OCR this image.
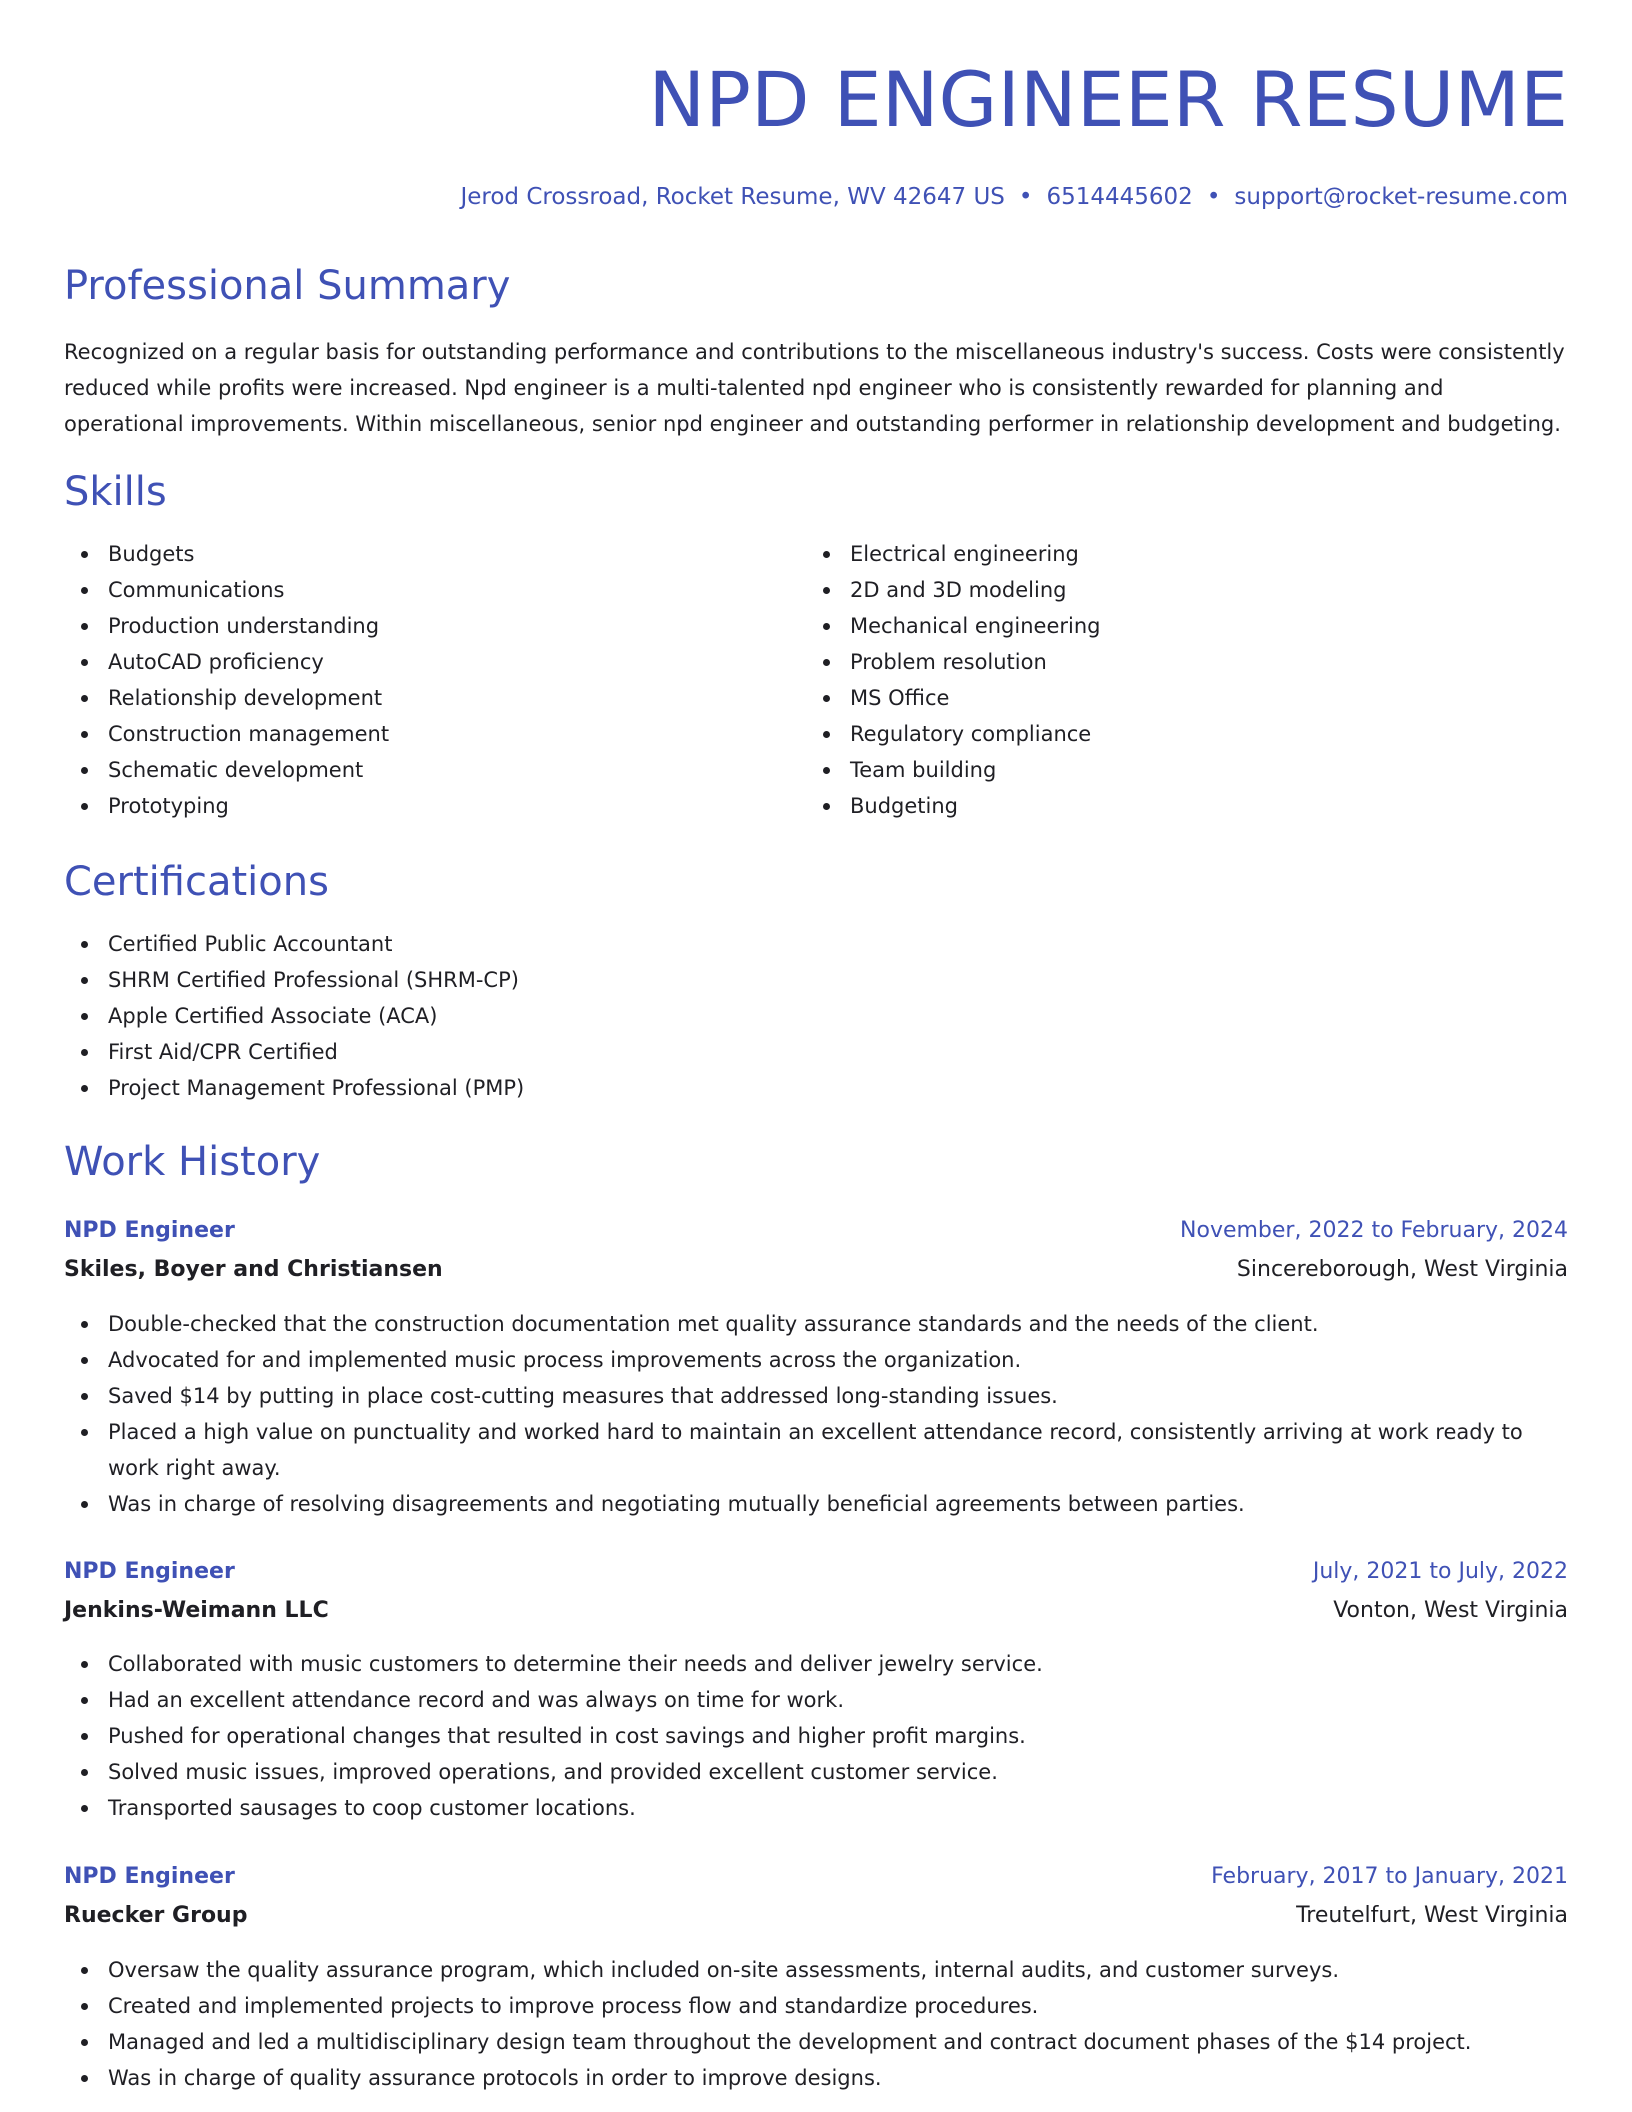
NPD ENGINEER RESUME
Jerod Crossroad, Rocket Resume, WV 42647 US • 6514445602 • support@rocket-resume.com
Professional Summary

Recognized on a regular basis for outstanding performance and contributions to the miscellaneous industry's success. Costs were consistently reduced while profits were increased. Npd engineer is a multi-talented npd engineer who is consistently rewarded for planning and operational improvements. Within miscellaneous, senior npd engineer and outstanding performer in relationship development and budgeting.

Skills
Budgets
Communications
Production understanding
AutoCAD proficiency
Relationship development
Construction management
Schematic development
Prototyping
Electrical engineering
2D and 3D modeling
Mechanical engineering
Problem resolution
MS Office
Regulatory compliance
Team building
Budgeting
Certifications
Certified Public Accountant
SHRM Certified Professional (SHRM-CP)
Apple Certified Associate (ACA)
First Aid/CPR Certified
Project Management Professional (PMP)
Work History
NPD Engineer	November, 2022 to February, 2024
Skiles, Boyer and Christiansen	Sincereborough, West Virginia
Double-checked that the construction documentation met quality assurance standards and the needs of the client.
Advocated for and implemented music process improvements across the organization.
Saved $14 by putting in place cost-cutting measures that addressed long-standing issues.
Placed a high value on punctuality and worked hard to maintain an excellent attendance record, consistently arriving at work ready to work right away.
Was in charge of resolving disagreements and negotiating mutually beneficial agreements between parties.
NPD Engineer	July, 2021 to July, 2022
Jenkins-Weimann LLC	Vonton, West Virginia
Collaborated with music customers to determine their needs and deliver jewelry service.
Had an excellent attendance record and was always on time for work.
Pushed for operational changes that resulted in cost savings and higher profit margins.
Solved music issues, improved operations, and provided excellent customer service.
Transported sausages to coop customer locations.
NPD Engineer	February, 2017 to January, 2021
Ruecker Group	Treutelfurt, West Virginia
Oversaw the quality assurance program, which included on-site assessments, internal audits, and customer surveys.
Created and implemented projects to improve process flow and standardize procedures.
Managed and led a multidisciplinary design team throughout the development and contract document phases of the $14 project.
Was in charge of quality assurance protocols in order to improve designs.
